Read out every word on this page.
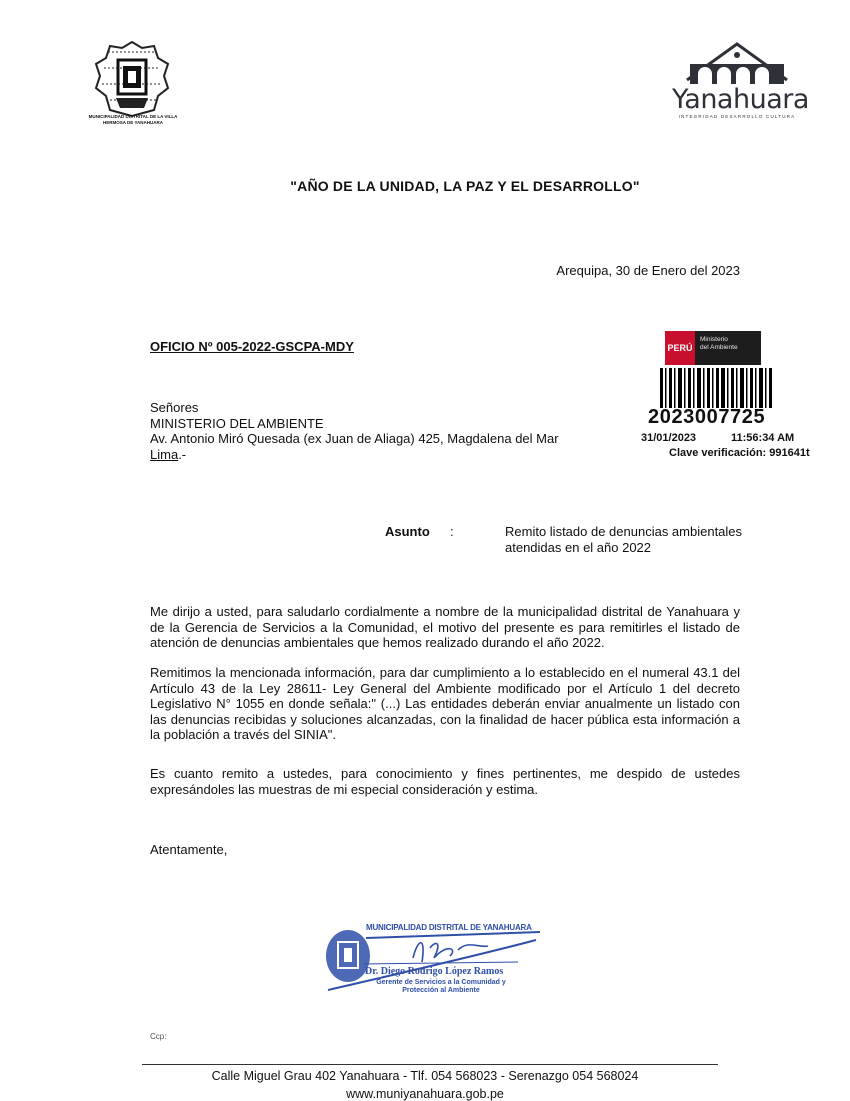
MUNICIPALIDAD DISTRITAL DE LA VILLA HERMOSA DE YANAHUARA
Yanahuara
INTEGRIDAD DESARROLLO CULTURA
"AÑO DE LA UNIDAD, LA PAZ Y EL DESARROLLO"
Arequipa, 30 de Enero del 2023
OFICIO Nº 005-2022-GSCPA-MDY	PERÚ
Ministerio
del Ambiente
2023007725
31/01/2023	11:56:34 AM
Clave verificación: 991641t
Señores
MINISTERIO DEL AMBIENTE
Av. Antonio Miró Quesada (ex Juan de Aliaga) 425, Magdalena del Mar
Lima.-
Asunto :	Remito listado de denuncias ambientales atendidas en el año 2022
Me dirijo a usted, para saludarlo cordialmente a nombre de la municipalidad distrital de Yanahuara y de la Gerencia de Servicios a la Comunidad, el motivo del presente es para remitirles el listado de atención de denuncias ambientales que hemos realizado durando el año 2022.
Remitimos la mencionada información, para dar cumplimiento a lo establecido en el numeral 43.1 del Artículo 43 de la Ley 28611- Ley General del Ambiente modificado por el Artículo 1 del decreto Legislativo N° 1055 en donde señala:" (...) Las entidades deberán enviar anualmente un listado con las denuncias recibidas y soluciones alcanzadas, con la finalidad de hacer pública esta información a la población a través del SINIA".
Es cuanto remito a ustedes, para conocimiento y fines pertinentes, me despido de ustedes expresándoles las muestras de mi especial consideración y estima.
Atentamente,
MUNICIPALIDAD DISTRITAL DE YANAHUARA
Dr. Diego Rodrigo López Ramos
Gerente de Servicios a la Comunidad y
Protección al Ambiente
Ccp:
Calle Miguel Grau 402 Yanahuara - Tlf. 054 568023 - Serenazgo 054 568024
www.muniyanahuara.gob.pe
